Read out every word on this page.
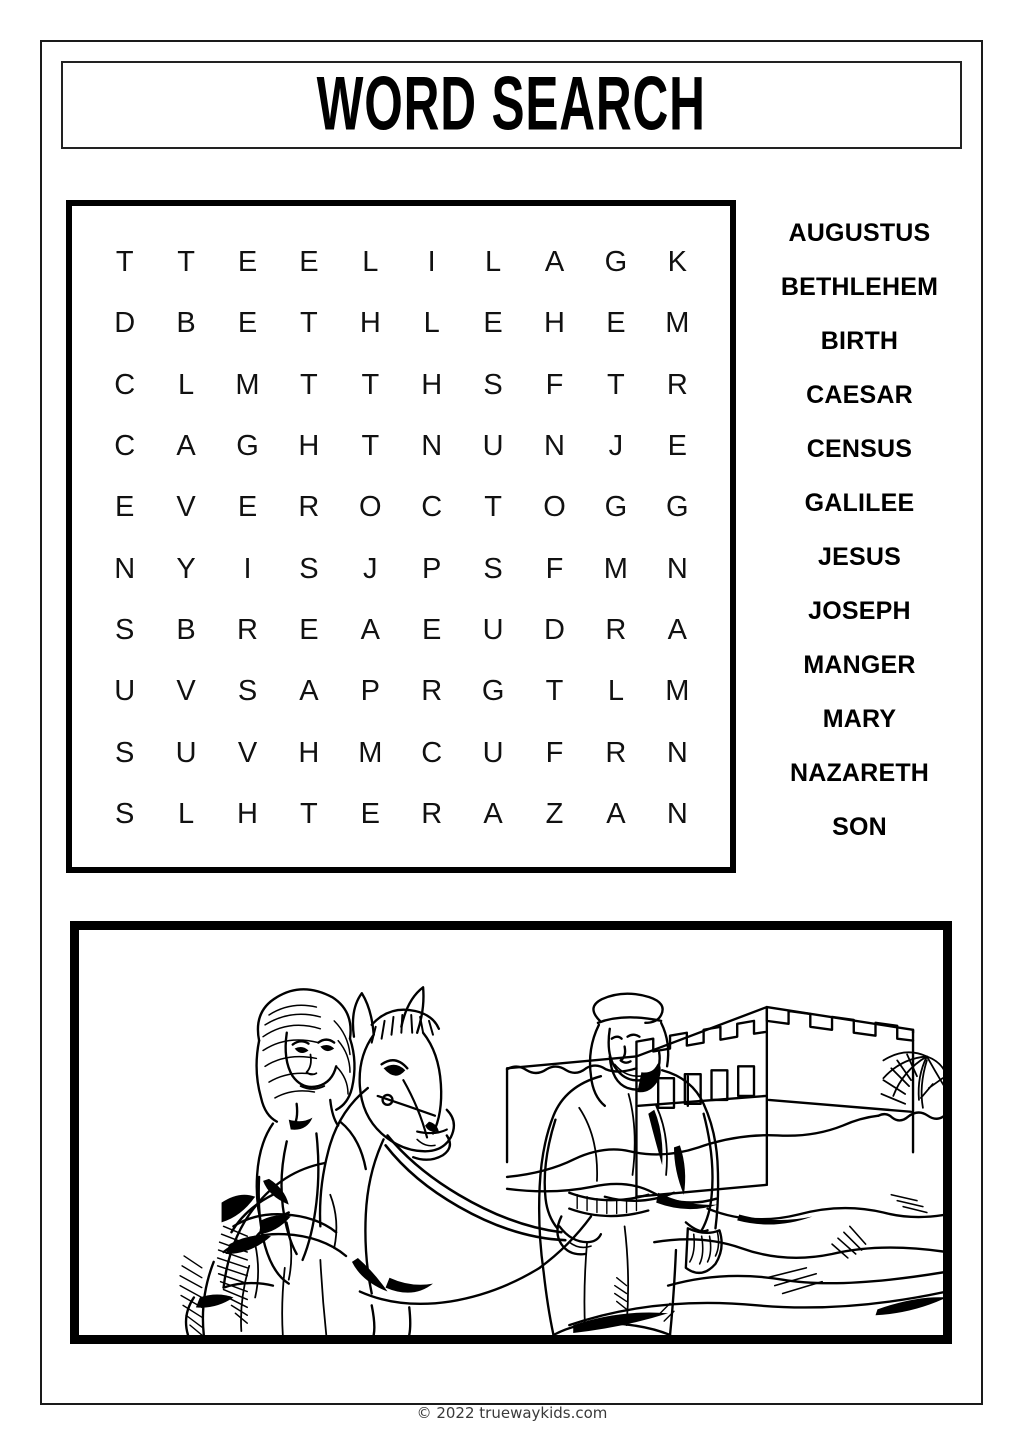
WORD SEARCH
T	T	E	E	L	I	L	A	G	K
D	B	E	T	H	L	E	H	E	M
C	L	M	T	T	H	S	F	T	R
C	A	G	H	T	N	U	N	J	E
E	V	E	R	O	C	T	O	G	G
N	Y	I	S	J	P	S	F	M	N
S	B	R	E	A	E	U	D	R	A
U	V	S	A	P	R	G	T	L	M
S	U	V	H	M	C	U	F	R	N
S	L	H	T	E	R	A	Z	A	N
AUGUSTUS
BETHLEHEM
BIRTH
CAESAR
CENSUS
GALILEE
JESUS
JOSEPH
MANGER
MARY
NAZARETH
SON
© 2022 truewaykids.com
